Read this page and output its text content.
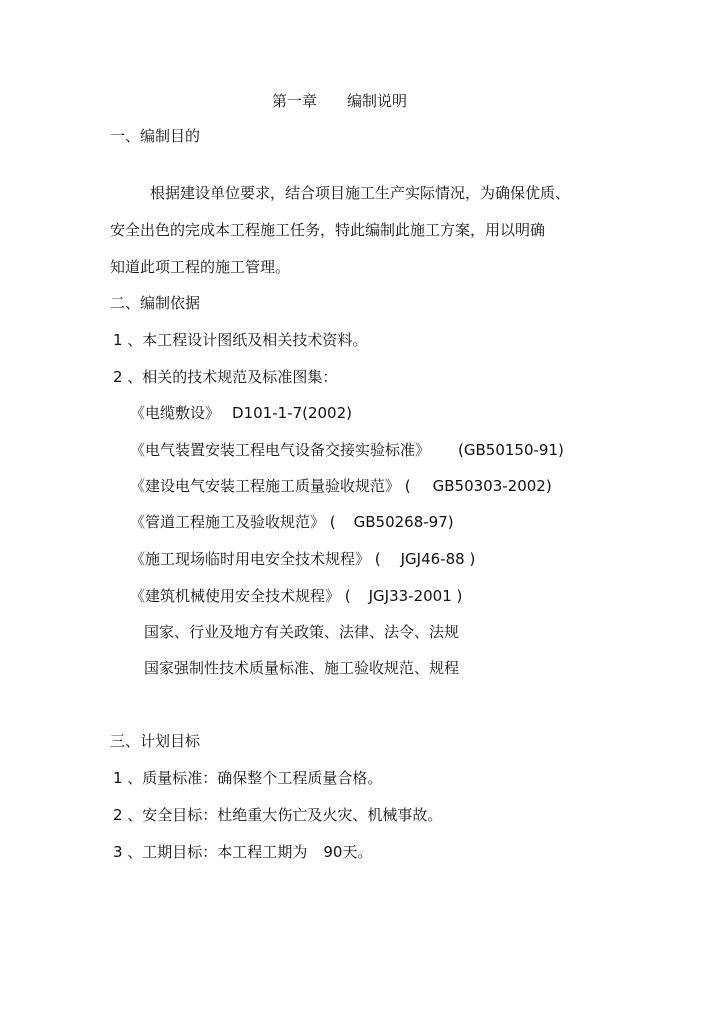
第一章 编制说明
一、编制目的
根据建设单位要求，结合项目施工生产实际情况，为确保优质、
安全出色的完成本工程施工任务，特此编制此施工方案，用以明确
知道此项工程的施工管理。
二、编制依据
1 、本工程设计图纸及相关技术资料。
2 、相关的技术规范及标准图集：
《电缆敷设》 D101-1-7(2002)
《电气装置安装工程电气设备交接实验标准》 (GB50150-91)
《建设电气安装工程施工质量验收规范》 ( GB50303-2002)
《管道工程施工及验收规范》 ( GB50268-97)
《施工现场临时用电安全技术规程》 ( JGJ46-88 )
《建筑机械使用安全技术规程》 ( JGJ33-2001 )
国家、行业及地方有关政策、法律、法令、法规
国家强制性技术质量标准、施工验收规范、规程
三、计划目标
1 、质量标准：确保整个工程质量合格。
2 、安全目标：杜绝重大伤亡及火灾、机械事故。
3 、工期目标：本工程工期为 90天。
